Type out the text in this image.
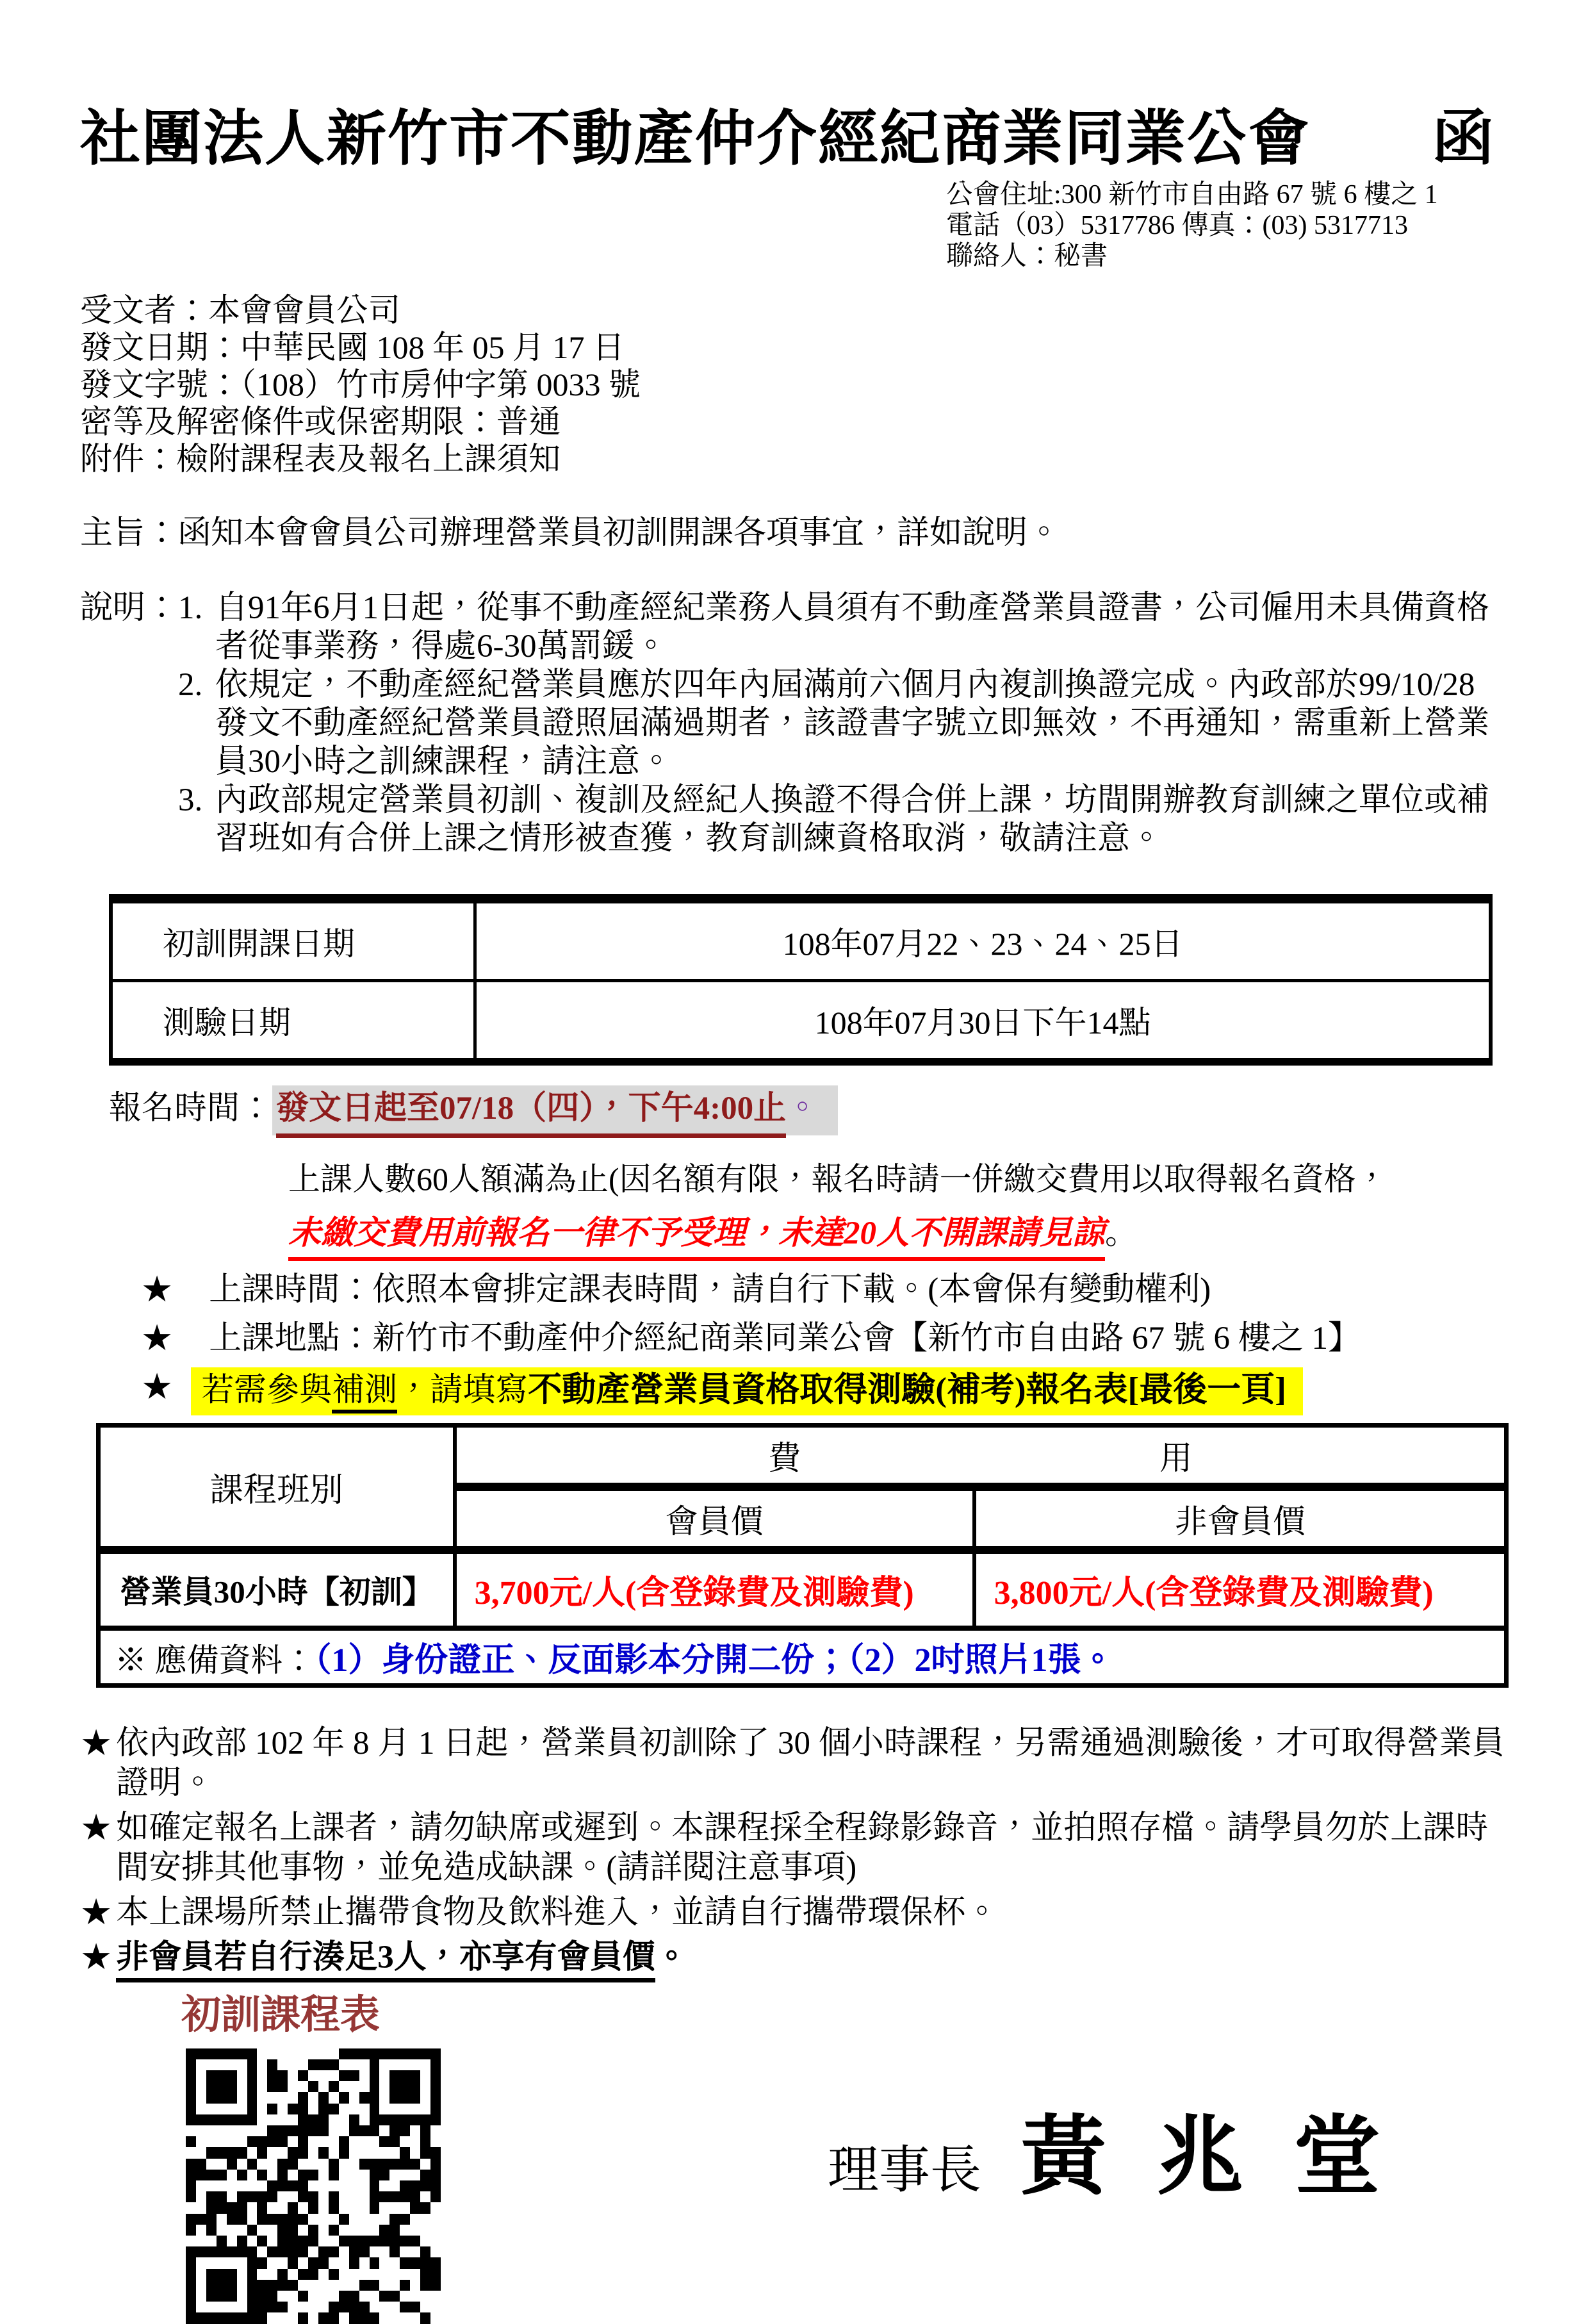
社團法人新竹市不動產仲介經紀商業同業公會　　函
公會住址:300 新竹市自由路 67 號 6 樓之 1
電話（03）5317786 傳真：(03) 5317713
聯絡人：秘書
受文者：本會會員公司
發文日期：中華民國 108 年 05 月 17 日
發文字號：（108）竹市房仲字第 0033 號
密等及解密條件或保密期限：普通
附件：檢附課程表及報名上課須知
主旨： 函知本會會員公司辦理營業員初訓開課各項事宜，詳如說明。
說明： 1. 自91年6月1日起，從事不動產經紀業務人員須有不動產營業員證書，公司僱用未具備資格者從事業務，得處6-30萬罰鍰。
2. 依規定，不動產經紀營業員應於四年內屆滿前六個月內複訓換證完成。內政部於99/10/28發文不動產經紀營業員證照屆滿過期者，該證書字號立即無效，不再通知，需重新上營業員30小時之訓練課程，請注意。
3. 內政部規定營業員初訓、複訓及經紀人換證不得合併上課，坊間開辦教育訓練之單位或補習班如有合併上課之情形被查獲，教育訓練資格取消，敬請注意。
初訓開課日期	108年07月22、23、24、25日
測驗日期	108年07月30日下午14點
報名時間： 發文日起至07/18（四），下午4:00止。
上課人數60人額滿為止(因名額有限，報名時請一併繳交費用以取得報名資格，
未繳交費用前報名一律不予受理，未達20人不開課請見諒。
★ 上課時間：依照本會排定課表時間，請自行下載。(本會保有變動權利)
★ 上課地點：新竹市不動產仲介經紀商業同業公會【新竹市自由路 67 號 6 樓之 1】
★ 若需參與補測，請填寫不動產營業員資格取得測驗(補考)報名表[最後一頁]
課程班別	費 用	

	會員價	非會員價
營業員30小時【初訓】	3,700元/人(含登錄費及測驗費)	3,800元/人(含登錄費及測驗費)
※ 應備資料：（1）身份證正、反面影本分開二份；（2）2吋照片1張。		
★ 依內政部 102 年 8 月 1 日起，營業員初訓除了 30 個小時課程，另需通過測驗後，才可取得營業員證明。
★ 如確定報名上課者，請勿缺席或遲到。本課程採全程錄影錄音，並拍照存檔。請學員勿於上課時間安排其他事物，並免造成缺課。(請詳閱注意事項)
★ 本上課場所禁止攜帶食物及飲料進入，並請自行攜帶環保杯。
★ 非會員若自行湊足3人，亦享有會員價。
初訓課程表
理事長 黃 兆 堂
